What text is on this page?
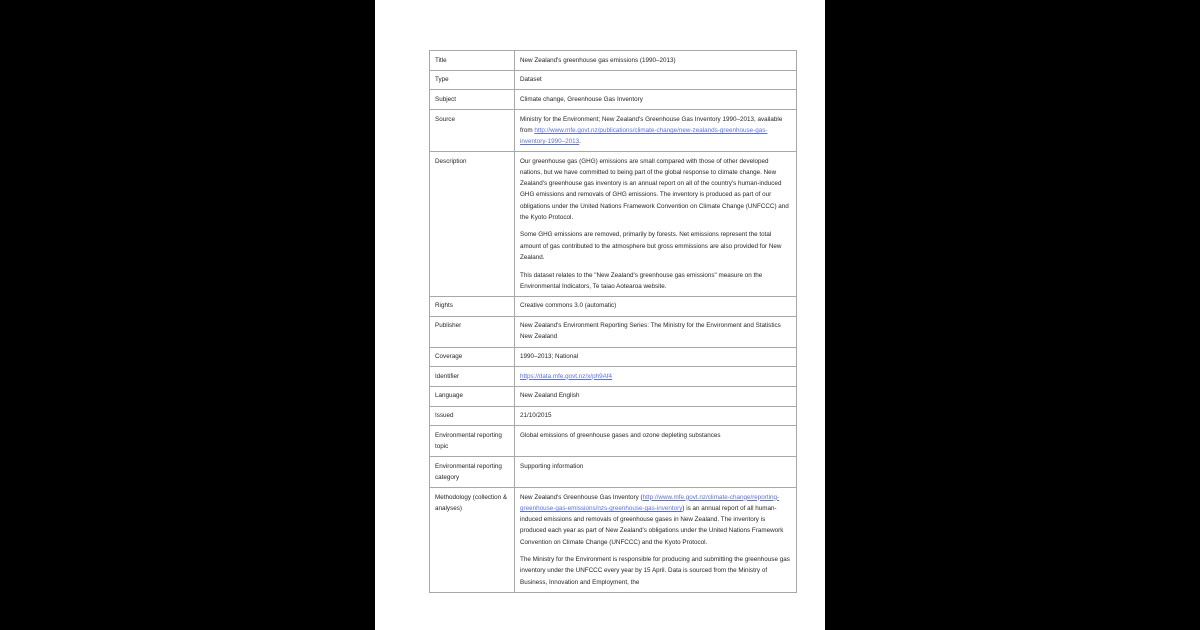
Title	New Zealand's greenhouse gas emissions (1990–2013)
Type	Dataset
Subject	Climate change, Greenhouse Gas Inventory
Source	Ministry for the Environment; New Zealand's Greenhouse Gas Inventory 1990–2013, available from http://www.mfe.govt.nz/publications/climate-change/new-zealands-greenhouse-gas-inventory-1990–2013.
Description	Our greenhouse gas (GHG) emissions are small compared with those of other developed nations, but we have committed to being part of the global response to climate change. New Zealand's greenhouse gas inventory is an annual report on all of the country's human-induced GHG emissions and removals of GHG emissions. The inventory is produced as part of our obligations under the United Nations Framework Convention on Climate Change (UNFCCC) and the Kyoto Protocol.

Some GHG emissions are removed, primarily by forests. Net emissions represent the total amount of gas contributed to the atmosphere but gross emmissions are also provided for New Zealand.

This dataset relates to the "New Zealand's greenhouse gas emissions" measure on the Environmental Indicators, Te taiao Aotearoa website.

Rights	Creative commons 3.0 (automatic)
Publisher	New Zealand's Environment Reporting Series: The Ministry for the Environment and Statistics New Zealand
Coverage	1990–2013; National
Identifier	https://data.mfe.govt.nz/x/ph9Af4
Language	New Zealand English
Issued	21/10/2015
Environmental reporting topic	Global emissions of greenhouse gases and ozone depleting substances
Environmental reporting category	Supporting information
Methodology (collection & analyses)	New Zealand's Greenhouse Gas Inventory (http://www.mfe.govt.nz/climate-change/reporting-greenhouse-gas-emissions/nzs-greenhouse-gas-inventory) is an annual report of all human-induced emissions and removals of greenhouse gases in New Zealand. The inventory is produced each year as part of New Zealand's obligations under the United Nations Framework Convention on Climate Change (UNFCCC) and the Kyoto Protocol.

The Ministry for the Environment is responsible for producing and submitting the greenhouse gas inventory under the UNFCCC every year by 15 April. Data is sourced from the Ministry of Business, Innovation and Employment, the
